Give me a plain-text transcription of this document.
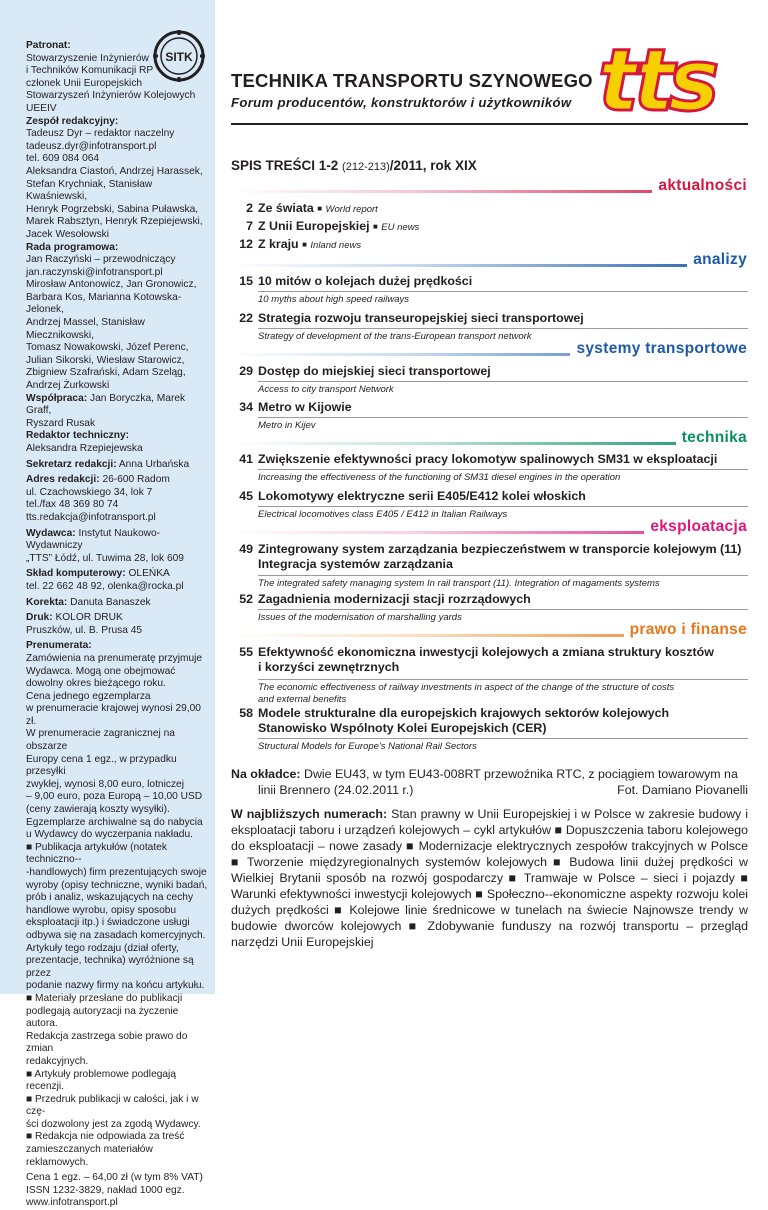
SITK

Patronat:

Stowarzyszenie Inżynierów

i Techników Komunikacji RP

członek Unii Europejskich

Stowarzyszeń Inżynierów Kolejowych UEEIV

Zespół redakcyjny:

Tadeusz Dyr – redaktor naczelny

tadeusz.dyr@infotransport.pl

tel. 609 084 064

Aleksandra Ciastoń, Andrzej Harassek,

Stefan Krychniak, Stanisław Kwaśniewski,

Henryk Pogrzebski, Sabina Puławska,

Marek Rabsztyn, Henryk Rzepiejewski,

Jacek Wesołowski

Rada programowa:

Jan Raczyński – przewodniczący

jan.raczynski@infotransport.pl

Mirosław Antonowicz, Jan Gronowicz,

Barbara Kos, Marianna Kotowska-Jelonek,

Andrzej Massel, Stanisław Miecznikowski,

Tomasz Nowakowski, Józef Perenc,

Julian Sikorski, Wiesław Starowicz,

Zbigniew Szafrański, Adam Szeląg,

Andrzej Żurkowski

Współpraca: Jan Boryczka, Marek Graff,

Ryszard Rusak

Redaktor techniczny:

Aleksandra Rzepiejewska

Sekretarz redakcji: Anna Urbańska

Adres redakcji: 26-600 Radom

ul. Czachowskiego 34, lok 7

tel./fax 48 369 80 74

tts.redakcja@infotransport.pl

Wydawca: Instytut Naukowo-Wydawniczy

„TTS” Łódź, ul. Tuwima 28, lok 609

Skład komputerowy: OLEŃKA

tel. 22 662 48 92, olenka@rocka.pl

Korekta: Danuta Banaszek

Druk: KOLOR DRUK

Pruszków, ul. B. Prusa 45

Prenumerata:

Zamówienia na prenumeratę przyjmuje

Wydawca. Mogą one obejmować

dowolny okres bieżącego roku.

Cena jednego egzemplarza

w prenumeracie krajowej wynosi 29,00 zł.

W prenumeracie zagranicznej na obszarze

Europy cena 1 egz., w przypadku przesyłki

zwykłej, wynosi 8,00 euro, lotniczej

– 9,00 euro, poza Europą – 10,00 USD

(ceny zawierają koszty wysyłki).

Egzemplarze archiwalne są do nabycia

u Wydawcy do wyczerpania nakładu.

■ Publikacja artykułów (notatek techniczno--

-handlowych) firm prezentujących swoje

wyroby (opisy techniczne, wyniki badań,

prób i analiz, wskazujących na cechy

handlowe wyrobu, opisy sposobu

eksploatacji itp.) i świadczone usługi

odbywa się na zasadach komercyjnych.

Artykuły tego rodzaju (dział oferty,

prezentacje, technika) wyróżnione są przez

podanie nazwy firmy na końcu artykułu.

■ Materiały przesłane do publikacji

podlegają autoryzacji na życzenie autora.

Redakcja zastrzega sobie prawo do zmian

redakcyjnych.

■ Artykuły problemowe podlegają recenzji.

■ Przedruk publikacji w całości, jak i w czę-

ści dozwolony jest za zgodą Wydawcy.

■ Redakcja nie odpowiada za treść

zamieszczanych materiałów reklamowych.

Cena 1 egz. – 64,00 zł (w tym 8% VAT)

ISSN 1232-3829, nakład 1000 egz.

www.infotransport.pl

tts
TECHNIKA TRANSPORTU SZYNOWEGO
Forum producentów, konstruktorów i użytkowników
SPIS TREŚCI 1-2 (212-213)/2011, rok XIX
aktualności
2 Ze świata ■ World report
7 Z Unii Europejskiej ■ EU news
12 Z kraju ■ Inland news
analizy
15 10 mitów o kolejach dużej prędkości
10 myths about high speed railways
22 Strategia rozwoju transeuropejskiej sieci transportowej
Strategy of development of the trans-European transport network
systemy transportowe
29 Dostęp do miejskiej sieci transportowej
Access to city transport Network
34 Metro w Kijowie
Metro in Kijev
technika
41 Zwiększenie efektywności pracy lokomotyw spalinowych SM31 w eksploatacji
Increasing the effectiveness of the functioning of SM31 diesel engines in the operation
45 Lokomotywy elektryczne serii E405/E412 kolei włoskich
Electrical locomotives class E405 / E412 in Italian Railways
eksploatacja
49 Zintegrowany system zarządzania bezpieczeństwem w transporcie kolejowym (11)
Integracja systemów zarządzania
The integrated safety managing system In rail transport (11). Integration of magaments systems
52 Zagadnienia modernizacji stacji rozrządowych
Issues of the modernisation of marshalling yards
prawo i finanse
55 Efektywność ekonomiczna inwestycji kolejowych a zmiana struktury kosztów
i korzyści zewnętrznych
The economic effectiveness of railway investments in aspect of the change of the structure of costs
and external benefits
58 Modele strukturalne dla europejskich krajowych sektorów kolejowych
Stanowisko Wspólnoty Kolei Europejskich (CER)
Structural Models for Europe's National Rail Sectors
Na okładce: Dwie EU43, w tym EU43-008RT przewoźnika RTC, z pociągiem towarowym na
linii Brennero (24.02.2011 r.)	Fot. Damiano Piovanelli
W najbliższych numerach: Stan prawny w Unii Europejskiej i w Polsce w zakresie budowy i eksploatacji taboru i urządzeń kolejowych – cykl artykułów ■ Dopuszczenia taboru kolejowego do eksploatacji – nowe zasady ■ Modernizacje elektrycznych zespołów trakcyjnych w Polsce ■ Tworzenie międzyregionalnych systemów kolejowych ■ Budowa linii dużej prędkości w Wielkiej Brytanii sposób na rozwój gospodarczy ■ Tramwaje w Polsce – sieci i pojazdy ■ Warunki efektywności inwestycji kolejowych ■ Społeczno--ekonomiczne aspekty rozwoju kolei dużych prędkości ■ Kolejowe linie średnicowe w tunelach na świecie Najnowsze trendy w budowie dworców kolejowych ■ Zdobywanie funduszy na rozwój transportu – przegląd narzędzi Unii Europejskiej
